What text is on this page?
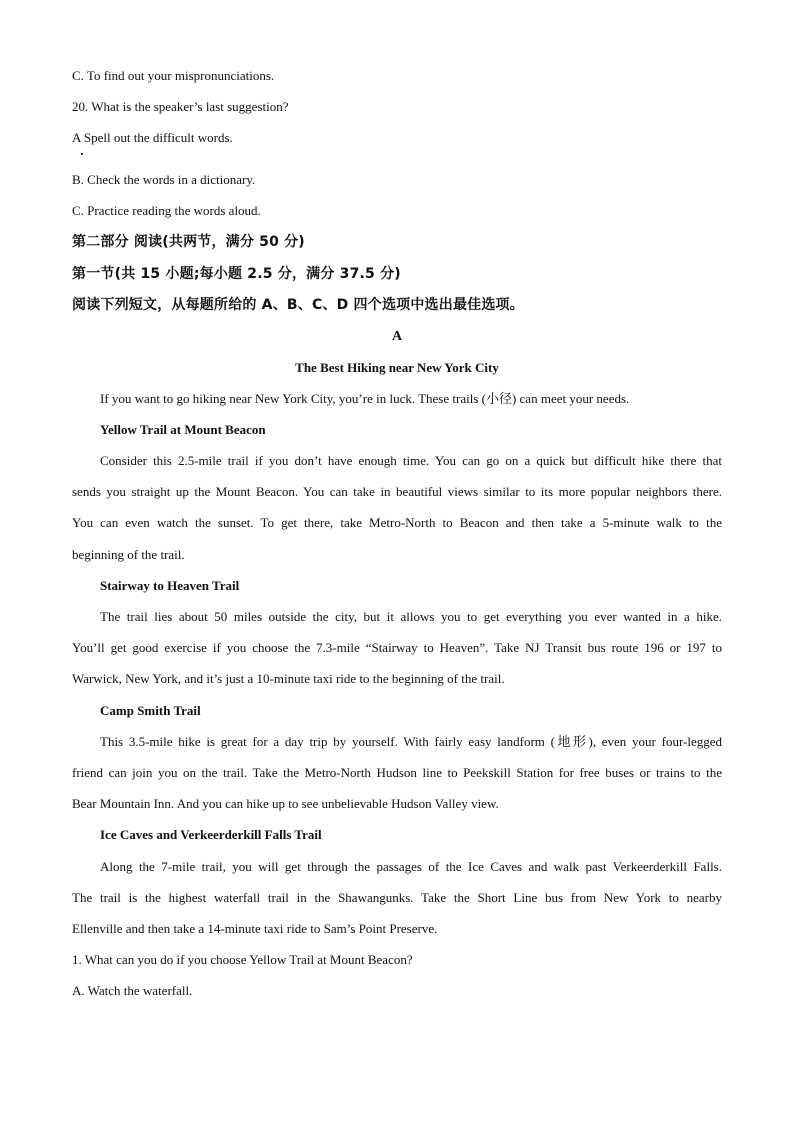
C. To find out your mispronunciations.
20. What is the speaker’s last suggestion?
A Spell out the difficult words.
B. Check the words in a dictionary.
C. Practice reading the words aloud.
第二部分 阅读(共两节，满分 50 分)
第一节(共 15 小题;每小题 2.5 分，满分 37.5 分)
阅读下列短文，从每题所给的 A、B、C、D 四个选项中选出最佳选项。
A
The Best Hiking near New York City
If you want to go hiking near New York City, you’re in luck. These trails (小径) can meet your needs.
Yellow Trail at Mount Beacon
Consider this 2.5-mile trail if you don’t have enough time. You can go on a quick but difficult hike there that
sends you straight up the Mount Beacon. You can take in beautiful views similar to its more popular neighbors there.
You can even watch the sunset. To get there, take Metro-North to Beacon and then take a 5-minute walk to the
beginning of the trail.
Stairway to Heaven Trail
The trail lies about 50 miles outside the city, but it allows you to get everything you ever wanted in a hike.
You’ll get good exercise if you choose the 7.3-mile “Stairway to Heaven”. Take NJ Transit bus route 196 or 197 to
Warwick, New York, and it’s just a 10-minute taxi ride to the beginning of the trail.
Camp Smith Trail
This 3.5-mile hike is great for a day trip by yourself. With fairly easy landform (地形), even your four-legged
friend can join you on the trail. Take the Metro-North Hudson line to Peekskill Station for free buses or trains to the
Bear Mountain Inn. And you can hike up to see unbelievable Hudson Valley view.
Ice Caves and Verkeerderkill Falls Trail
Along the 7-mile trail, you will get through the passages of the Ice Caves and walk past Verkeerderkill Falls.
The trail is the highest waterfall trail in the Shawangunks. Take the Short Line bus from New York to nearby
Ellenville and then take a 14-minute taxi ride to Sam’s Point Preserve.
1. What can you do if you choose Yellow Trail at Mount Beacon?
A. Watch the waterfall.
